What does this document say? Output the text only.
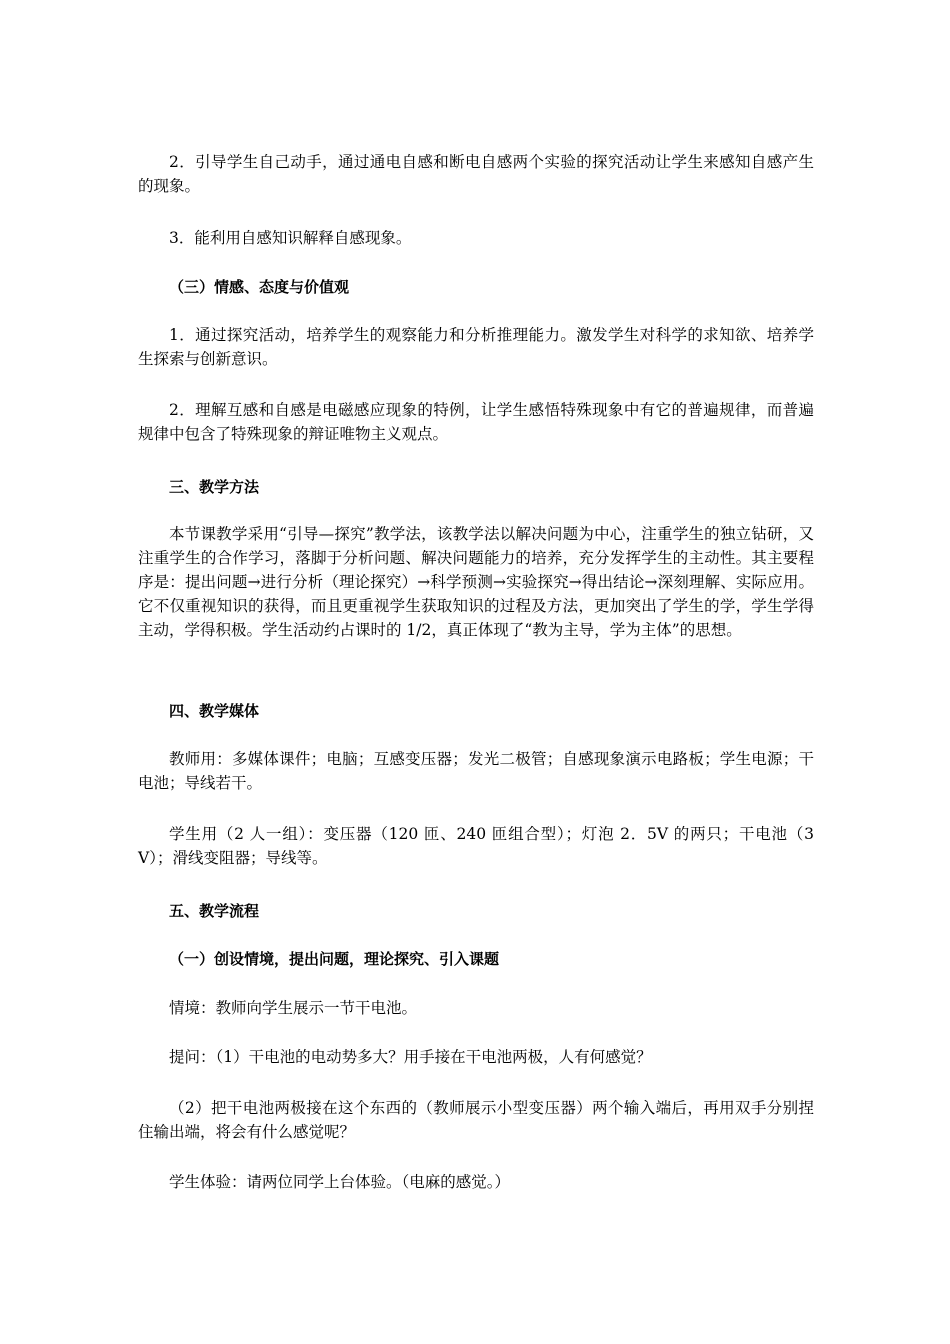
2．引导学生自己动手，通过通电自感和断电自感两个实验的探究活动让学生来感知自感产生的现象。
3．能利用自感知识解释自感现象。
（三）情感、态度与价值观
1．通过探究活动，培养学生的观察能力和分析推理能力。激发学生对科学的求知欲、培养学生探索与创新意识。
2．理解互感和自感是电磁感应现象的特例，让学生感悟特殊现象中有它的普遍规律，而普遍规律中包含了特殊现象的辩证唯物主义观点。
三、教学方法
本节课教学采用“引导—探究”教学法，该教学法以解决问题为中心，注重学生的独立钻研，又注重学生的合作学习，落脚于分析问题、解决问题能力的培养，充分发挥学生的主动性。其主要程序是：提出问题→进行分析（理论探究）→科学预测→实验探究→得出结论→深刻理解、实际应用。它不仅重视知识的获得，而且更重视学生获取知识的过程及方法，更加突出了学生的学，学生学得主动，学得积极。学生活动约占课时的 1/2，真正体现了“教为主导，学为主体”的思想。
四、教学媒体
教师用：多媒体课件；电脑；互感变压器；发光二极管；自感现象演示电路板；学生电源；干电池；导线若干。
学生用（2 人一组）：变压器（120 匝、240 匝组合型）；灯泡 2．5V 的两只；干电池（3V）；滑线变阻器；导线等。
五、教学流程
（一）创设情境，提出问题，理论探究、引入课题
情境：教师向学生展示一节干电池。
提问：（1）干电池的电动势多大？用手接在干电池两极，人有何感觉？
（2）把干电池两极接在这个东西的（教师展示小型变压器）两个输入端后，再用双手分别捏住输出端，将会有什么感觉呢？
学生体验：请两位同学上台体验。（电麻的感觉。）
